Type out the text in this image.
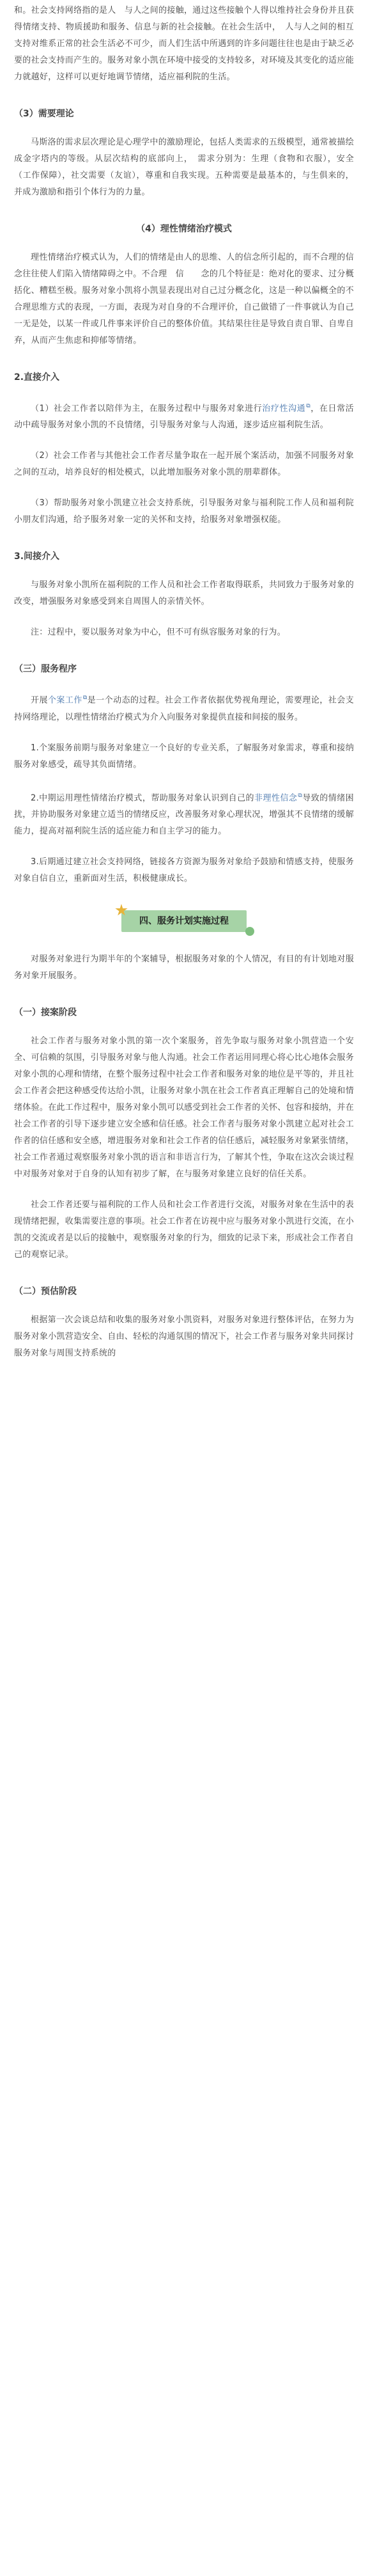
和。社会支持网络指的是人　与人之间的接触，通过这些接触个人得以维持社会身份并且获得情绪支持、物质援助和服务、信息与新的社会接触。在社会生活中，　人与人之间的相互支持对维系正常的社会生活必不可少，而人们生活中所遇到的许多问题往往也是由于缺乏必要的社会支持而产生的。服务对象小凯在环境中接受的支持较多，对环境及其变化的适应能力就越好，这样可以更好地调节情绪，适应福利院的生活。

（3）需要理论

马斯洛的需求层次理论是心理学中的激励理论，包括人类需求的五级模型，通常被描绘成金字塔内的等级。从层次结构的底部向上，　需求分别为：生理（食物和衣服），安全（工作保障），社交需要（友谊），尊重和自我实现。五种需要是最基本的，与生俱来的，并成为激励和指引个体行为的力量。

（4）理性情绪治疗模式

理性情绪治疗模式认为，人们的情绪是由人的思维、人的信念所引起的，而不合理的信念往往使人们陷入情绪障碍之中。不合理　信　　念的几个特征是：绝对化的要求、过分概括化、糟糕至极。服务对象小凯将小凯显表现出对自己过分概念化，这是一种以偏概全的不合理思维方式的表现，一方面，表现为对自身的不合理评价，自己做错了一件事就认为自己一无是处，以某一件或几件事来评价自己的整体价值。其结果往往是导致自责自罪、自卑自弃，从而产生焦虑和抑郁等情绪。

2.直接介入

（1）社会工作者以陪伴为主，在服务过程中与服务对象进行治疗性沟通⧉，在日常活动中疏导服务对象小凯的不良情绪，引导服务对象与人沟通，逐步适应福利院生活。

（2）社会工作者与其他社会工作者尽量争取在一起开展个案活动，加强不同服务对象之间的互动，培养良好的相处模式，以此增加服务对象小凯的朋辈群体。

（3）帮助服务对象小凯建立社会支持系统，引导服务对象与福利院工作人员和福利院小朋友们沟通，给予服务对象一定的关怀和支持，给服务对象增强权能。

3.间接介入

与服务对象小凯所在福利院的工作人员和社会工作者取得联系，共同致力于服务对象的改变，增强服务对象感受到来自周围人的亲情关怀。

注：过程中，要以服务对象为中心，但不可有纵容服务对象的行为。

（三）服务程序

开展个案工作⧉是一个动态的过程。社会工作者依据优势视角理论，需要理论，社会支持网络理论，以理性情绪治疗模式为介入向服务对象提供直接和间接的服务。

1.个案服务前期与服务对象建立一个良好的专业关系，了解服务对象需求，尊重和接纳服务对象感受，疏导其负面情绪。

2.中期运用理性情绪治疗模式，帮助服务对象认识到自己的非理性信念⧉导致的情绪困扰，并协助服务对象建立适当的情绪反应，改善服务对象心理状况，增强其不良情绪的缓解能力，提高对福利院生活的适应能力和自主学习的能力。

3.后期通过建立社会支持网络，链接各方资源为服务对象给予鼓励和情感支持，使服务对象自信自立，重新面对生活，积极健康成长。

四、服务计划实施过程

对服务对象进行为期半年的个案辅导，根据服务对象的个人情况，有目的有计划地对服务对象开展服务。

（一）接案阶段

社会工作者与服务对象小凯的第一次个案服务，首先争取与服务对象小凯营造一个安全、可信赖的氛围，引导服务对象与他人沟通。社会工作者运用同理心将心比心地体会服务对象小凯的心理和情绪，在整个服务过程中社会工作者和服务对象的地位是平等的，并且社会工作者会把这种感受传达给小凯，让服务对象小凯在社会工作者真正理解自己的处境和情绪体验。在此工作过程中，服务对象小凯可以感受到社会工作者的关怀、包容和接纳，并在社会工作者的引导下逐步建立安全感和信任感。社会工作者与服务对象小凯建立起对社会工作者的信任感和安全感，增进服务对象和社会工作者的信任感后，减轻服务对象紧张情绪，社会工作者通过观察服务对象小凯的语言和非语言行为，了解其个性，争取在这次会谈过程中对服务对象对于自身的认知有初步了解，在与服务对象建立良好的信任关系。

社会工作者还要与福利院的工作人员和社会工作者进行交流，对服务对象在生活中的表现情绪把握，收集需要注意的事项。社会工作者在访视中应与服务对象小凯进行交流，在小凯的交流或者是以后的接触中，观察服务对象的行为，细致的记录下来，形成社会工作者自己的观察记录。

（二）预估阶段

根据第一次会谈总结和收集的服务对象小凯资料，对服务对象进行整体评估，在努力为服务对象小凯营造安全、自由、轻松的沟通氛围的情况下，社会工作者与服务对象共同探讨服务对象与周围支持系统的
